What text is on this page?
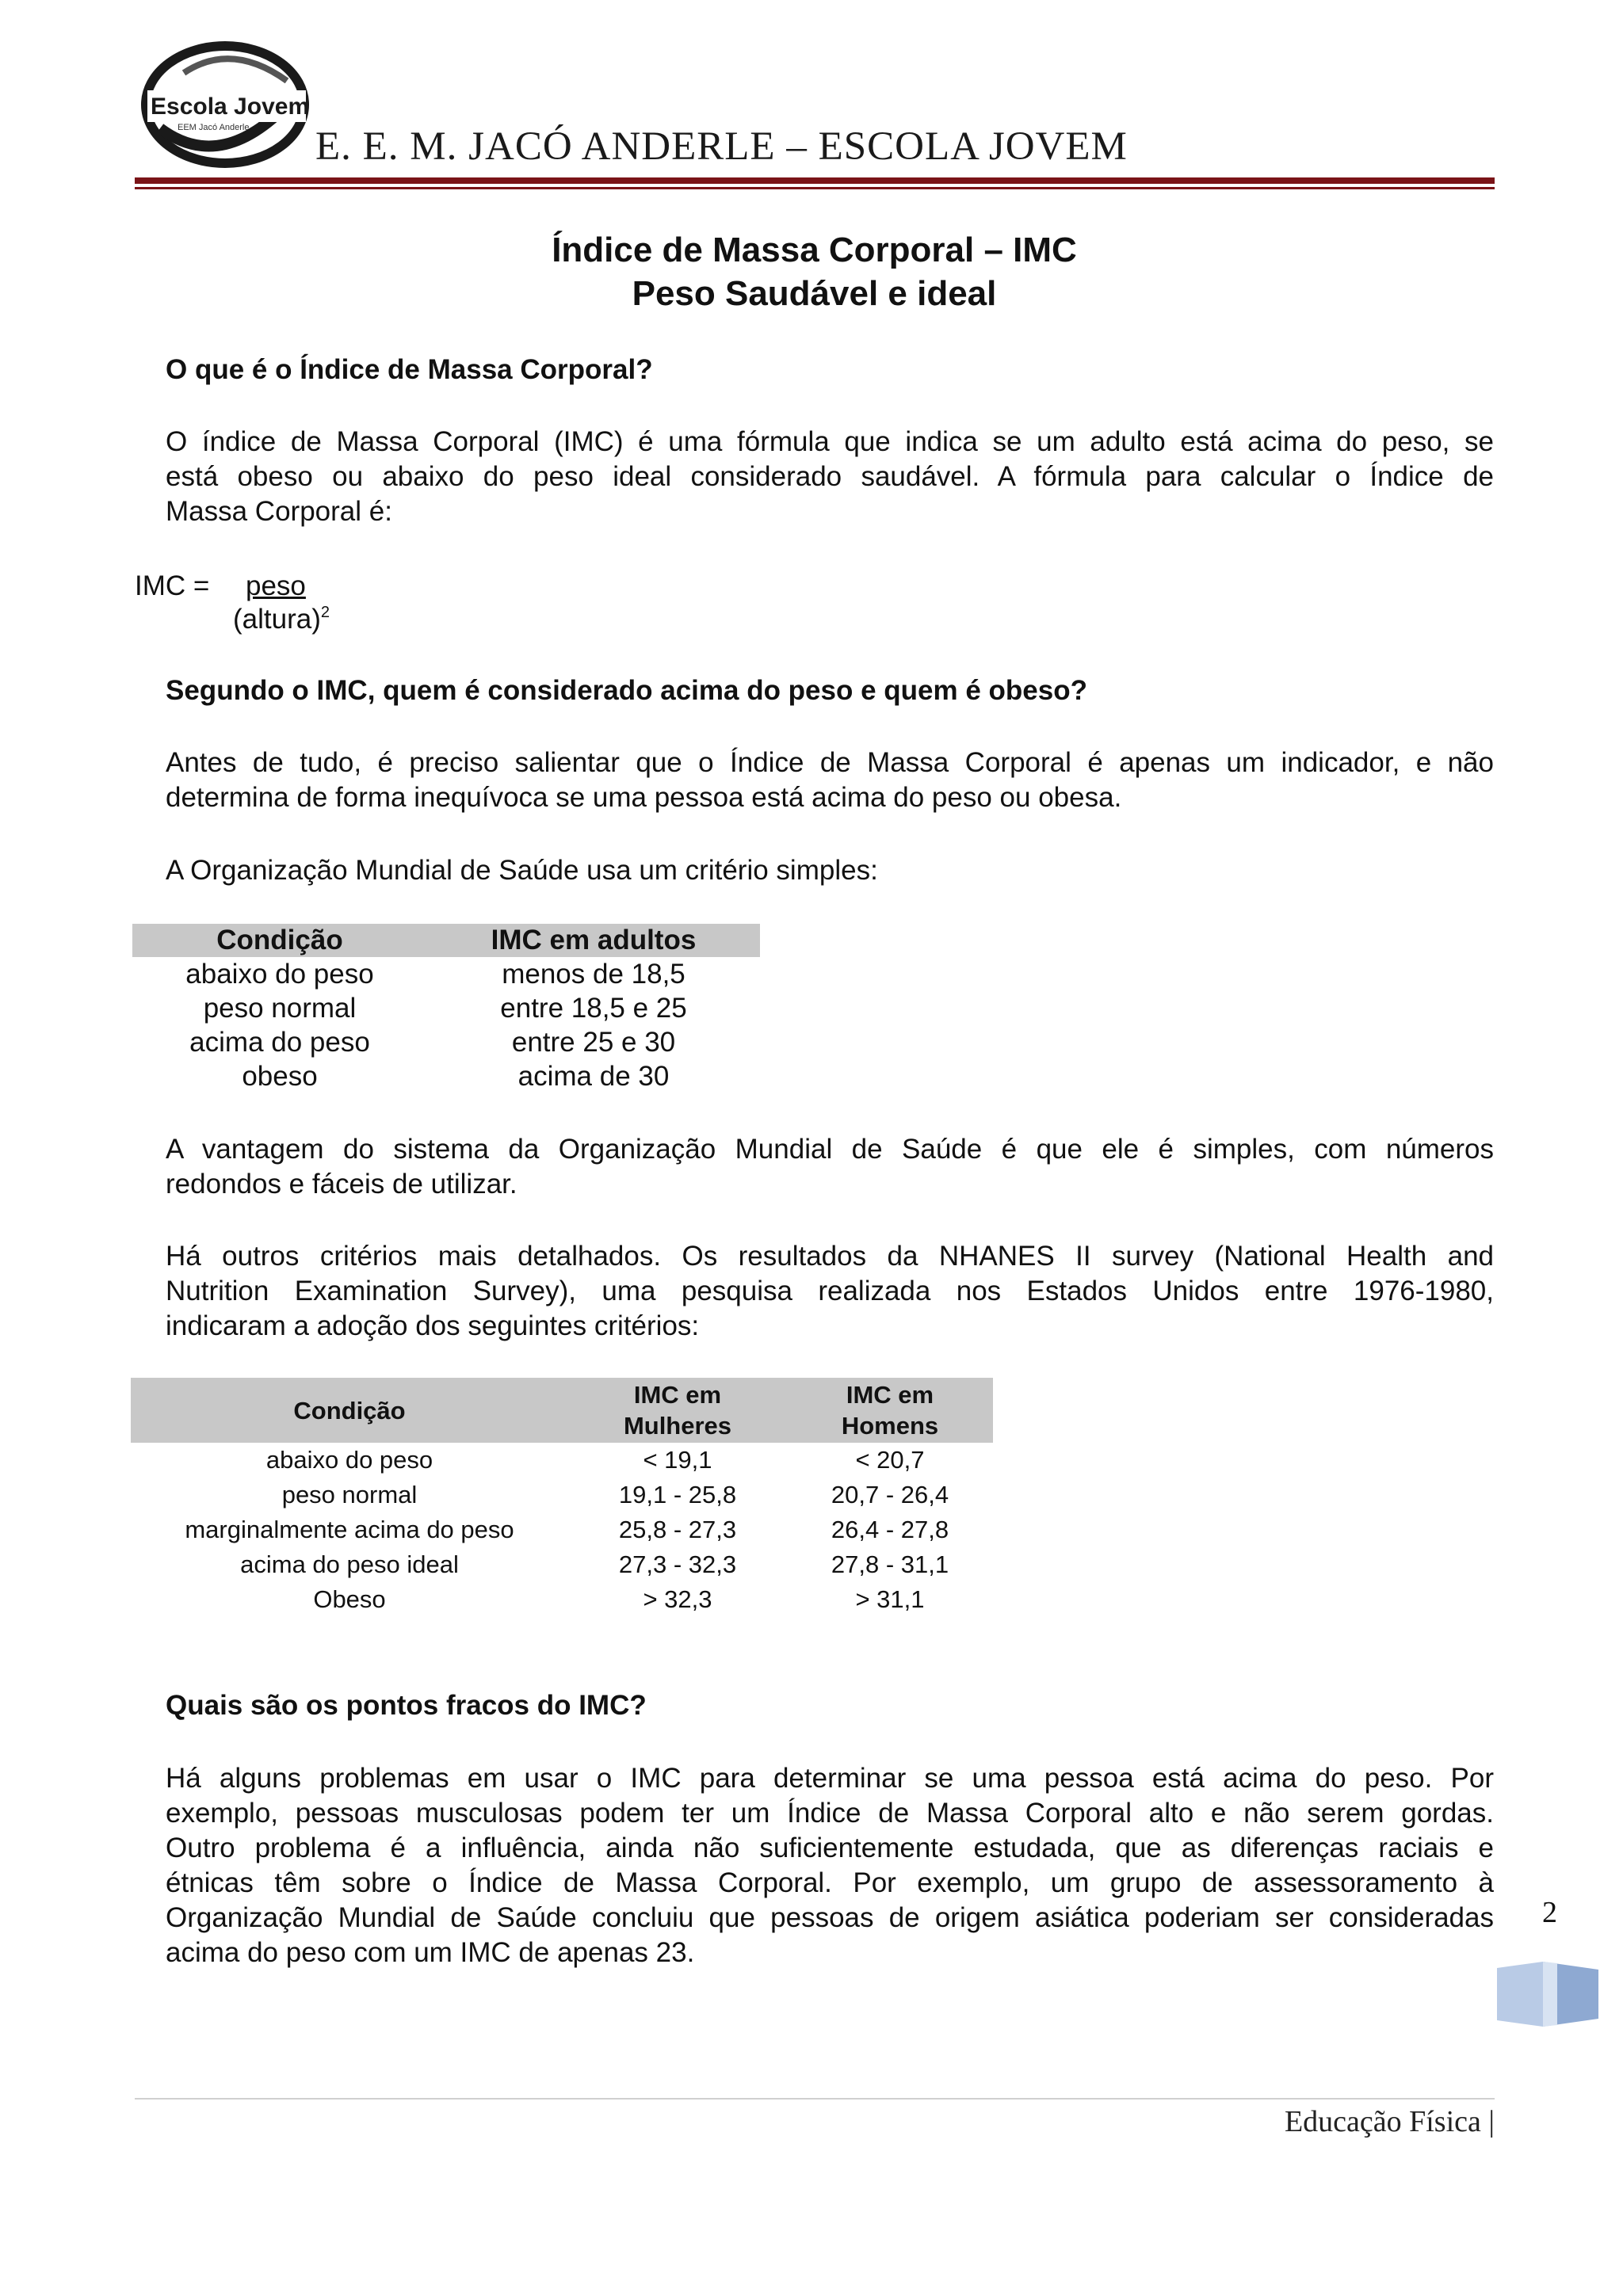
Escola Jovem
EEM Jacó Anderle E. E. M. JACÓ ANDERLE – ESCOLA JOVEM
Índice de Massa Corporal – IMC
Peso Saudável e ideal
O que é o Índice de Massa Corporal?
O índice de Massa Corporal (IMC) é uma fórmula que indica se um adulto está acima do peso, se
está obeso ou abaixo do peso ideal considerado saudável. A fórmula para calcular o Índice de
Massa Corporal é:
IMC = peso
(altura)$^2$
Segundo o IMC, quem é considerado acima do peso e quem é obeso?
Antes de tudo, é preciso salientar que o Índice de Massa Corporal é apenas um indicador, e não
determina de forma inequívoca se uma pessoa está acima do peso ou obesa.
A Organização Mundial de Saúde usa um critério simples:
Condição	IMC em adultos	
abaixo do peso	menos de 18,5	
peso normal	entre 18,5 e 25	
acima do peso	entre 25 e 30	
obeso	acima de 30	
A vantagem do sistema da Organização Mundial de Saúde é que ele é simples, com números
redondos e fáceis de utilizar.
Há outros critérios mais detalhados. Os resultados da NHANES II survey (National Health and
Nutrition Examination Survey), uma pesquisa realizada nos Estados Unidos entre 1976-1980,
indicaram a adoção dos seguintes critérios:
Condição	IMC em Mulheres	IMC em Homens
abaixo do peso	< 19,1	< 20,7
peso normal	19,1 - 25,8	20,7 - 26,4
marginalmente acima do peso	25,8 - 27,3	26,4 - 27,8
acima do peso ideal	27,3 - 32,3	27,8 - 31,1
Obeso	> 32,3	> 31,1
Quais são os pontos fracos do IMC?
Há alguns problemas em usar o IMC para determinar se uma pessoa está acima do peso. Por
exemplo, pessoas musculosas podem ter um Índice de Massa Corporal alto e não serem gordas.
Outro problema é a influência, ainda não suficientemente estudada, que as diferenças raciais e
étnicas têm sobre o Índice de Massa Corporal. Por exemplo, um grupo de assessoramento à
Organização Mundial de Saúde concluiu que pessoas de origem asiática poderiam ser consideradas
acima do peso com um IMC de apenas 23.
2
Educação Física |
